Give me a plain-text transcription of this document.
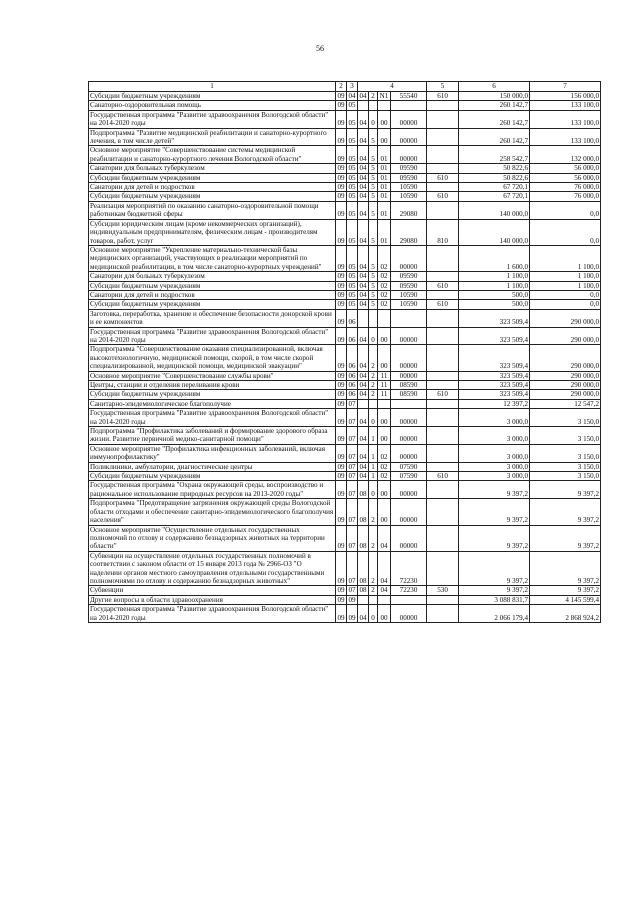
56
1	2	3	4				5	6	7
Субсидии бюджетным учреждениям	09	04	04	2	N1	55540	610	150 000,0	156 000,0
Санаторно-оздоровительная помощь	09	05						260 142,7	133 100,0
Государственная программа "Развитие здравоохранения Вологодской области" на 2014-2020 годы	09	05	04	0	00	00000		260 142,7	133 100,0
Подпрограмма "Развитие медицинской реабилитации и санаторно-курортного лечения, в том числе детей"	09	05	04	5	00	00000		260 142,7	133 100,0
Основное мероприятие "Совершенствование системы медицинской реабилитации и санаторно-курортного лечения Вологодской области"	09	05	04	5	01	00000		258 542,7	132 000,0
Санатории для больных туберкулезом	09	05	04	5	01	09590		50 822,6	56 000,0
Субсидии бюджетным учреждениям	09	05	04	5	01	09590	610	50 822,6	56 000,0
Санатории для детей и подростков	09	05	04	5	01	10590		67 720,1	76 000,0
Субсидии бюджетным учреждениям	09	05	04	5	01	10590	610	67 720,1	76 000,0
Реализация мероприятий по оказанию санаторно-оздоровительной помощи работникам бюджетной сферы	09	05	04	5	01	29080		140 000,0	0,0
Субсидии юридическим лицам (кроме некоммерческих организаций), индивидуальным предпринимателям, физическим лицам - производителям товаров, работ, услуг	09	05	04	5	01	29080	810	140 000,0	0,0
Основное мероприятие "Укрепление материально-технической базы медицинских организаций, участвующих в реализации мероприятий по медицинской реабилитации, в том числе санаторно-курортных учреждений"	09	05	04	5	02	00000		1 600,0	1 100,0
Санатории для больных туберкулезом	09	05	04	5	02	09590		1 100,0	1 100,0
Субсидии бюджетным учреждениям	09	05	04	5	02	09590	610	1 100,0	1 100,0
Санатории для детей и подростков	09	05	04	5	02	10590		500,0	0,0
Субсидии бюджетным учреждениям	09	05	04	5	02	10590	610	500,0	0,0
Заготовка, переработка, хранение и обеспечение безопасности донорской крови и ее компонентов	09	06						323 509,4	290 000,0
Государственная программа "Развитие здравоохранения Вологодской области" на 2014-2020 годы	09	06	04	0	00	00000		323 509,4	290 000,0
Подпрограмма "Совершенствование оказания специализированной, включая высокотехнологичную, медицинской помощи, скорой, в том числе скорой специализированной, медицинской помощи, медицинской эвакуации"	09	06	04	2	00	00000		323 509,4	290 000,0
Основное мероприятие "Совершенствование службы крови"	09	06	04	2	11	00000		323 509,4	290 000,0
Центры, станции и отделения переливания крови	09	06	04	2	11	08590		323 509,4	290 000,0
Субсидии бюджетным учреждениям	09	06	04	2	11	08590	610	323 509,4	290 000,0
Санитарно-эпидемиологическое благополучие	09	07						12 397,2	12 547,2
Государственная программа "Развитие здравоохранения Вологодской области" на 2014-2020 годы	09	07	04	0	00	00000		3 000,0	3 150,0
Подпрограмма "Профилактика заболеваний и формирование здорового образа жизни. Развитие первичной медико-санитарной помощи"	09	07	04	1	00	00000		3 000,0	3 150,0
Основное мероприятие "Профилактика инфекционных заболеваний, включая иммунопрофилактику"	09	07	04	1	02	00000		3 000,0	3 150,0
Поликлиники, амбулатории, диагностические центры	09	07	04	1	02	07590		3 000,0	3 150,0
Субсидии бюджетным учреждениям	09	07	04	1	02	07590	610	3 000,0	3 150,0
Государственная программа "Охрана окружающей среды, воспроизводство и рациональное использование природных ресурсов на 2013-2020 годы"	09	07	08	0	00	00000		9 397,2	9 397,2
Подпрограмма "Предотвращение загрязнения окружающей среды Вологодской области отходами и обеспечение санитарно-эпидемиологического благополучия населения"	09	07	08	2	00	00000		9 397,2	9 397,2
Основное мероприятие "Осуществление отдельных государственных полномочий по отлову и содержанию безнадзорных животных на территории области"	09	07	08	2	04	00000		9 397,2	9 397,2
Субвенции на осуществление отдельных государственных полномочий в соответствии с законом области от 15 января 2013 года № 2966-ОЗ "О наделении органов местного самоуправления отдельными государственными полномочиями по отлову и содержанию безнадзорных животных"	09	07	08	2	04	72230		9 397,2	9 397,2
Субвенции	09	07	08	2	04	72230	530	9 397,2	9 397,2
Другие вопросы в области здравоохранения	09	09						3 088 831,7	4 145 599,4
Государственная программа "Развитие здравоохранения Вологодской области" на 2014-2020 годы	09	09	04	0	00	00000		2 066 179,4	2 868 924,2
